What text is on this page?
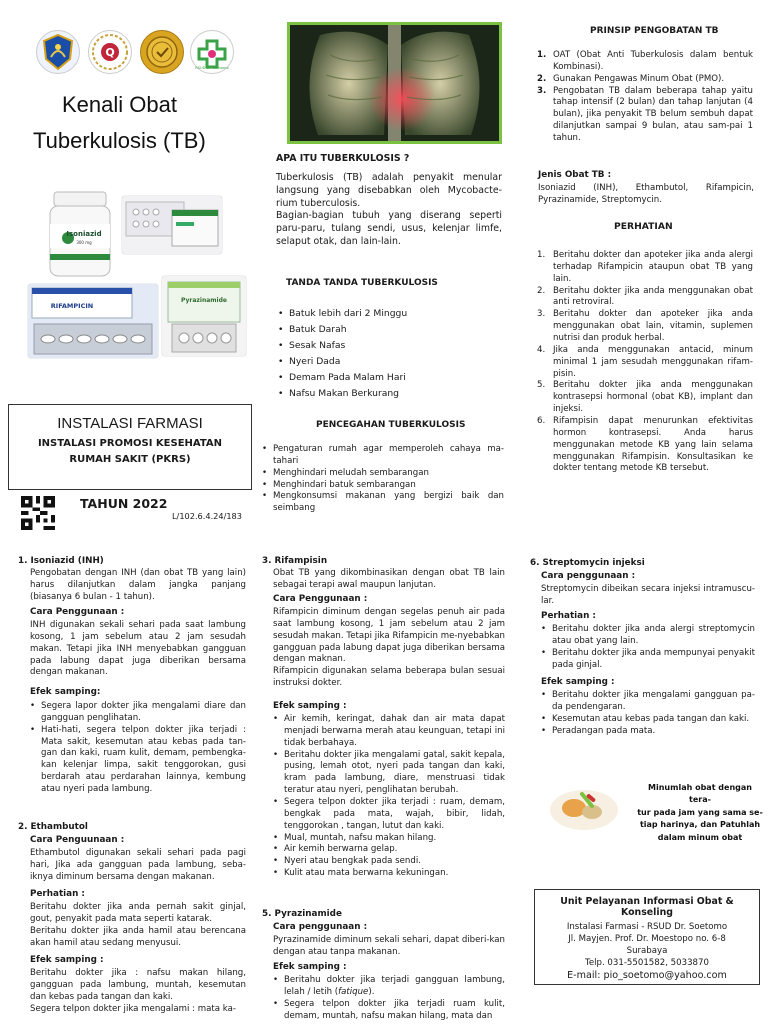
Q
RSUD Dr. Soetomo
Kenali Obat
Tuberkulosis (TB)
Isoniazid
300 mg
RIFAMPICIN
Pyrazinamide
INSTALASI FARMASI
INSTALASI PROMOSI KESEHATAN
RUMAH SAKIT (PKRS)
TAHUN 2022
L/102.6.4.24/183
APA ITU TUBERKULOSIS ?
Tuberkulosis (TB) adalah penyakit menular langsung yang disebabkan oleh Mycobacte-rium tuberculosis.
Bagian-bagian tubuh yang diserang seperti paru-paru, tulang sendi, usus, kelenjar limfe, selaput otak, dan lain-lain.
TANDA TANDA TUBERKULOSIS
• Batuk lebih dari 2 Minggu
• Batuk Darah
• Sesak Nafas
• Nyeri Dada
• Demam Pada Malam Hari
• Nafsu Makan Berkurang
PENCEGAHAN TUBERKULOSIS
• Pengaturan rumah agar memperoleh cahaya ma-tahari
• Menghindari meludah sembarangan
• Menghindari batuk sembarangan
• Mengkonsumsi makanan yang bergizi baik dan seimbang
PRINSIP PENGOBATAN TB
1. OAT (Obat Anti Tuberkulosis dalam bentuk Kombinasi).
2. Gunakan Pengawas Minum Obat (PMO).
3. Pengobatan TB dalam beberapa tahap yaitu tahap intensif (2 bulan) dan tahap lanjutan (4 bulan), jika penyakit TB belum sembuh dapat dilanjutkan sampai 9 bulan, atau sam-pai 1 tahun.
Jenis Obat TB :
Isoniazid (INH), Ethambutol, Rifampicin, Pyrazinamide, Streptomycin.
PERHATIAN
1. Beritahu dokter dan apoteker jika anda alergi terhadap Rifampicin ataupun obat TB yang lain.
2. Beritahu dokter jika anda menggunakan obat anti retroviral.
3. Beritahu dokter dan apoteker jika anda menggunakan obat lain, vitamin, suplemen nutrisi dan produk herbal.
4. Jika anda menggunakan antacid, minum minimal 1 jam sesudah menggunakan rifam-pisin.
5. Beritahu dokter jika anda menggunakan kontrasepsi hormonal (obat KB), implant dan injeksi.
6. Rifampisin dapat menurunkan efektivitas hormon kontrasepsi. Anda harus menggunakan metode KB yang lain selama menggunakan Rifampisin. Konsultasikan ke dokter tentang metode KB tersebut.
1. Isoniazid (INH)
Pengobatan dengan INH (dan obat TB yang lain) harus dilanjutkan dalam jangka panjang (biasanya 6 bulan - 1 tahun).
Cara Penggunaan :
INH digunakan sekali sehari pada saat lambung kosong, 1 jam sebelum atau 2 jam sesudah makan. Tetapi jika INH menyebabkan gangguan pada labung dapat juga diberikan bersama dengan makanan.
Efek samping:
• Segera lapor dokter jika mengalami diare dan gangguan penglihatan.
• Hati-hati, segera telpon dokter jika terjadi : Mata sakit, kesemutan atau kebas pada tan-gan dan kaki, ruam kulit, demam, pembengka-kan kelenjar limpa, sakit tenggorokan, gusi berdarah atau perdarahan lainnya, kembung atau nyeri pada lambung.
2. Ethambutol
Cara Penguunaan :
Ethambutol digunakan sekali sehari pada pagi hari, Jika ada gangguan pada lambung, seba-iknya diminum bersama dengan makanan.
Perhatian :
Beritahu dokter jika anda pernah sakit ginjal, gout, penyakit pada mata seperti katarak.
Beritahu dokter jika anda hamil atau berencana akan hamil atau sedang menyusui.
Efek samping :
Beritahu dokter jika : nafsu makan hilang, gangguan pada lambung, muntah, kesemutan dan kebas pada tangan dan kaki.
Segera telpon dokter jika mengalami : mata ka-
3. Rifampisin
Obat TB yang dikombinasikan dengan obat TB lain sebagai terapi awal maupun lanjutan.
Cara Penggunaan :
Rifampicin diminum dengan segelas penuh air pada saat lambung kosong, 1 jam sebelum atau 2 jam sesudah makan. Tetapi jika Rifampicin me-nyebabkan gangguan pada labung dapat juga diberikan bersama dengan maknan.
Rifampicin digunakan selama beberapa bulan sesuai instruksi dokter.
Efek samping :
• Air kemih, keringat, dahak dan air mata dapat menjadi berwarna merah atau keunguan, tetapi ini tidak berbahaya.
• Beritahu dokter jika mengalami gatal, sakit kepala, pusing, lemah otot, nyeri pada tangan dan kaki, kram pada lambung, diare, menstruasi tidak teratur atau nyeri, penglihatan berubah.
• Segera telpon dokter jika terjadi : ruam, demam, bengkak pada mata, wajah, bibir, lidah, tenggorokan , tangan, lutut dan kaki.
• Mual, muntah, nafsu makan hilang.
• Air kemih berwarna gelap.
• Nyeri atau bengkak pada sendi.
• Kulit atau mata berwarna kekuningan.
5. Pyrazinamide
Cara penggunaan :
Pyrazinamide diminum sekali sehari, dapat diberi-kan dengan atau tanpa makanan.
Efek samping :
• Beritahu dokter jika terjadi gangguan lambung, lelah / letih (fatique).
• Segera telpon dokter jika terjadi ruam kulit, demam, muntah, nafsu makan hilang, mata dan
6. Streptomycin injeksi
Cara penggunaan :
Streptomycin dibeikan secara injeksi intramuscu-lar.
Perhatian :
• Beritahu dokter jika anda alergi streptomycin atau obat yang lain.
• Beritahu dokter jika anda mempunyai penyakit pada ginjal.
Efek samping :
• Beritahu dokter jika mengalami gangguan pa-da pendengaran.
• Kesemutan atau kebas pada tangan dan kaki.
• Peradangan pada mata.
Minumlah obat dengan tera-
tur pada jam yang sama se-
tiap harinya, dan Patuhlah
dalam minum obat
Unit Pelayanan Informasi Obat & Konseling
Instalasi Farmasi - RSUD Dr. Soetomo
Jl. Mayjen. Prof. Dr. Moestopo no. 6-8
Surabaya
Telp. 031-5501582, 5033870
E-mail: pio_soetomo@yahoo.com
